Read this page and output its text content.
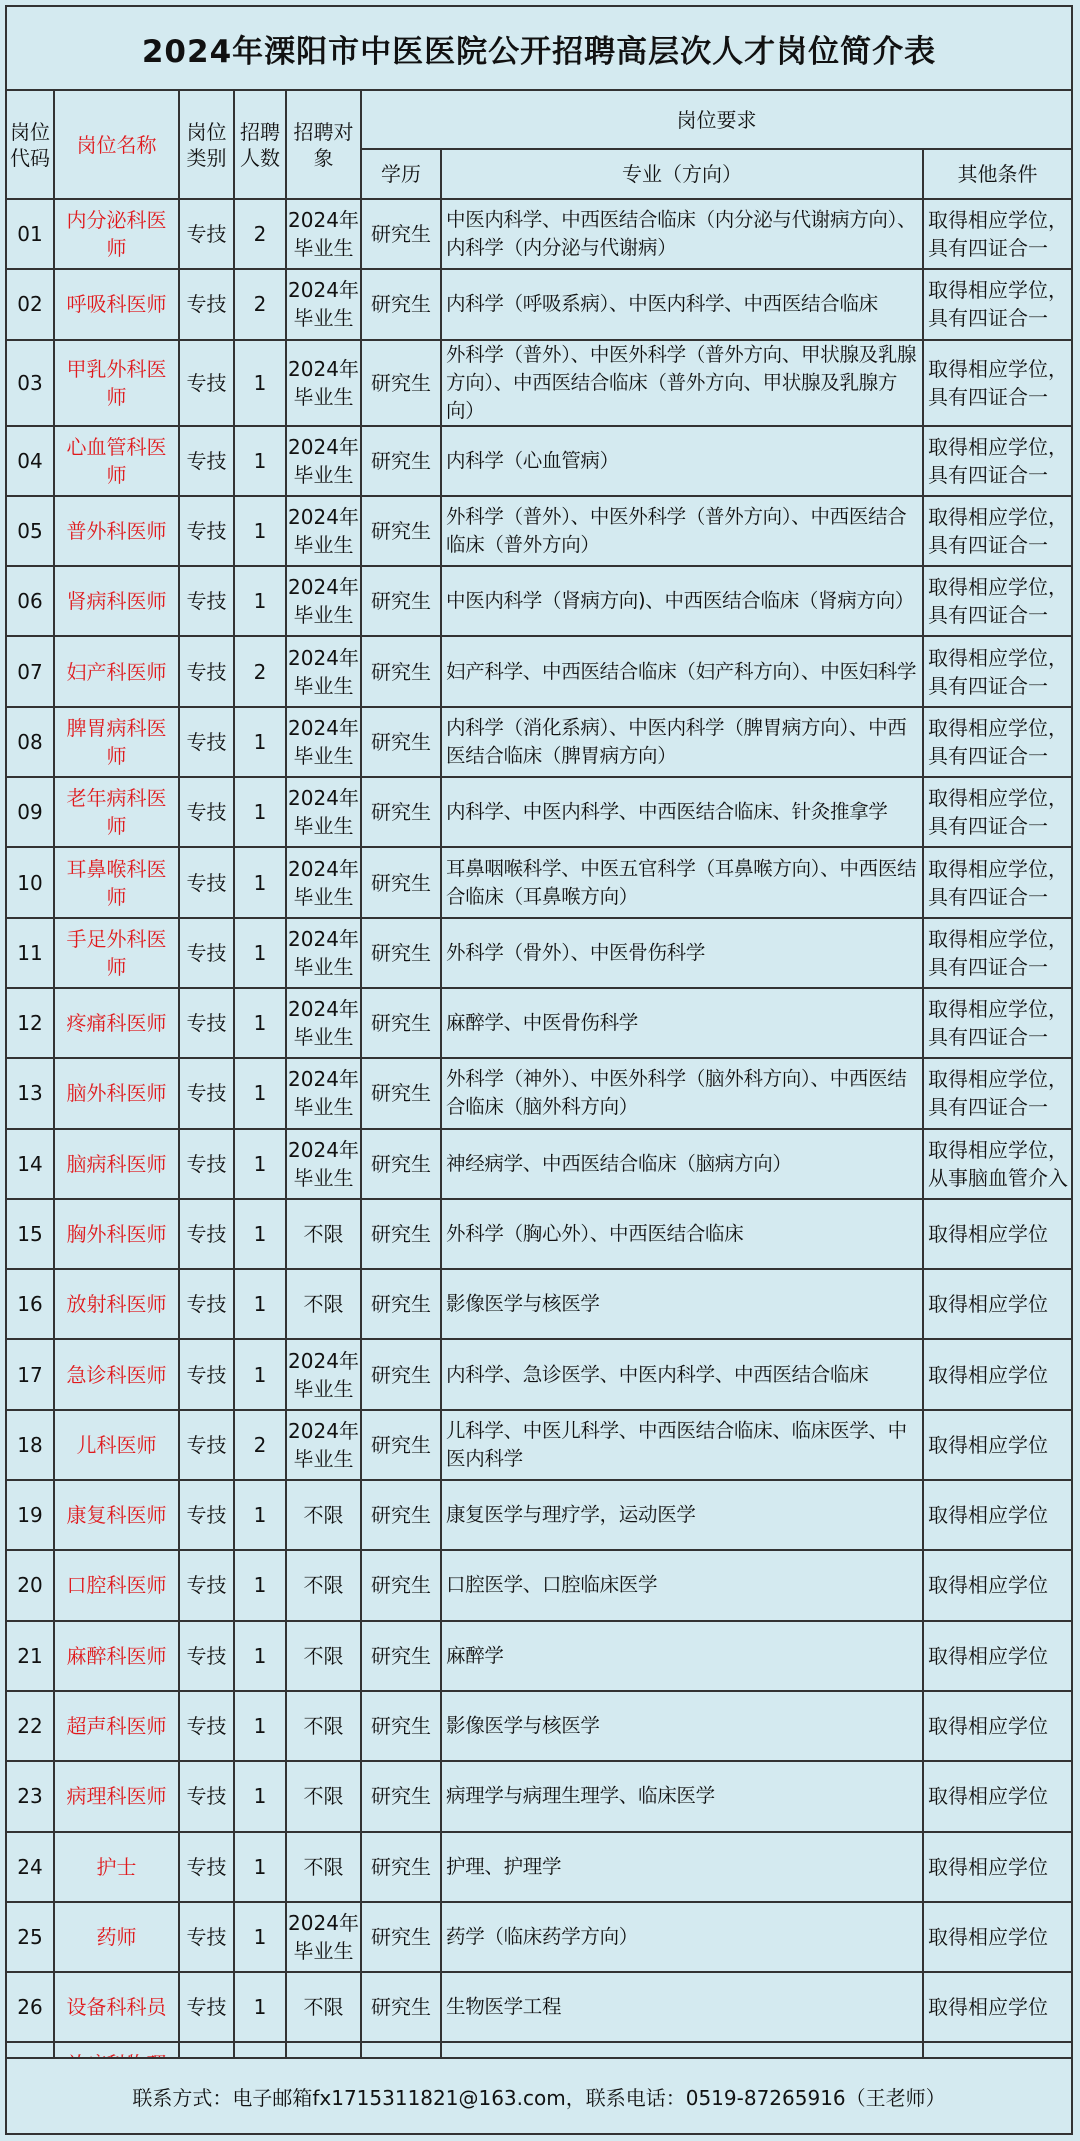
2024年溧阳市中医医院公开招聘高层次人才岗位简介表
岗位代码	岗位名称	岗位类别	招聘人数	招聘对象	岗位要求		
					学历	专业（方向）	其他条件
01	内分泌科医师	专技	2	2024年毕业生	研究生	中医内科学、中西医结合临床（内分泌与代谢病方向）、内科学（内分泌与代谢病）	取得相应学位，具有四证合一
02	呼吸科医师	专技	2	2024年毕业生	研究生	内科学（呼吸系病）、中医内科学、中西医结合临床	取得相应学位，具有四证合一
03	甲乳外科医师	专技	1	2024年毕业生	研究生	外科学（普外）、中医外科学（普外方向、甲状腺及乳腺方向）、中西医结合临床（普外方向、甲状腺及乳腺方向）	取得相应学位，具有四证合一
04	心血管科医师	专技	1	2024年毕业生	研究生	内科学（心血管病）	取得相应学位，具有四证合一
05	普外科医师	专技	1	2024年毕业生	研究生	外科学（普外）、中医外科学（普外方向）、中西医结合临床（普外方向）	取得相应学位，具有四证合一
06	肾病科医师	专技	1	2024年毕业生	研究生	中医内科学（肾病方向)、中西医结合临床（肾病方向）	取得相应学位，具有四证合一
07	妇产科医师	专技	2	2024年毕业生	研究生	妇产科学、中西医结合临床（妇产科方向）、中医妇科学	取得相应学位，具有四证合一
08	脾胃病科医师	专技	1	2024年毕业生	研究生	内科学（消化系病）、中医内科学（脾胃病方向）、中西医结合临床（脾胃病方向）	取得相应学位，具有四证合一
09	老年病科医师	专技	1	2024年毕业生	研究生	内科学、中医内科学、中西医结合临床、针灸推拿学	取得相应学位，具有四证合一
10	耳鼻喉科医师	专技	1	2024年毕业生	研究生	耳鼻咽喉科学、中医五官科学（耳鼻喉方向）、中西医结合临床（耳鼻喉方向）	取得相应学位，具有四证合一
11	手足外科医师	专技	1	2024年毕业生	研究生	外科学（骨外）、中医骨伤科学	取得相应学位，具有四证合一
12	疼痛科医师	专技	1	2024年毕业生	研究生	麻醉学、中医骨伤科学	取得相应学位，具有四证合一
13	脑外科医师	专技	1	2024年毕业生	研究生	外科学（神外）、中医外科学（脑外科方向）、中西医结合临床（脑外科方向）	取得相应学位，具有四证合一
14	脑病科医师	专技	1	2024年毕业生	研究生	神经病学、中西医结合临床（脑病方向）	取得相应学位，从事脑血管介入
15	胸外科医师	专技	1	不限	研究生	外科学（胸心外）、中西医结合临床	取得相应学位
16	放射科医师	专技	1	不限	研究生	影像医学与核医学	取得相应学位
17	急诊科医师	专技	1	2024年毕业生	研究生	内科学、急诊医学、中医内科学、中西医结合临床	取得相应学位
18	儿科医师	专技	2	2024年毕业生	研究生	儿科学、中医儿科学、中西医结合临床、临床医学、中医内科学	取得相应学位
19	康复科医师	专技	1	不限	研究生	康复医学与理疗学，运动医学	取得相应学位
20	口腔科医师	专技	1	不限	研究生	口腔医学、口腔临床医学	取得相应学位
21	麻醉科医师	专技	1	不限	研究生	麻醉学	取得相应学位
22	超声科医师	专技	1	不限	研究生	影像医学与核医学	取得相应学位
23	病理科医师	专技	1	不限	研究生	病理学与病理生理学、临床医学	取得相应学位
24	护士	专技	1	不限	研究生	护理、护理学	取得相应学位
25	药师	专技	1	2024年毕业生	研究生	药学（临床药学方向）	取得相应学位
26	设备科科员	专技	1	不限	研究生	生物医学工程	取得相应学位

联系方式：电子邮箱fx1715311821@163.com，联系电话：0519-87265916（王老师）
